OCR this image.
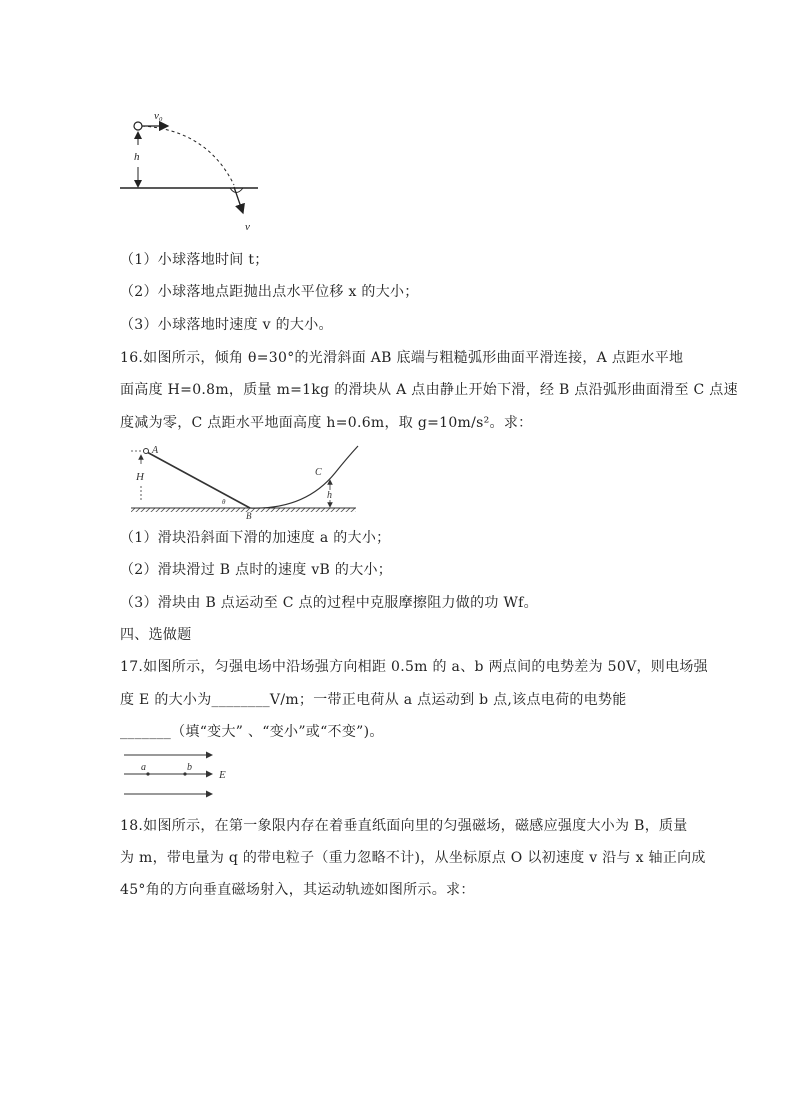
v₀
h
v
（1）小球落地时间 t；
（2）小球落地点距抛出点水平位移 x 的大小；
（3）小球落地时速度 v 的大小。
16.如图所示，倾角 θ=30°的光滑斜面 AB 底端与粗糙弧形曲面平滑连接，A 点距水平地
面高度 H=0.8m，质量 m=1kg 的滑块从 A 点由静止开始下滑，经 B 点沿弧形曲面滑至 C 点速
度减为零，C 点距水平地面高度 h=0.6m，取 g=10m/s²。求：
A
H
θ
B
C
h
（1）滑块沿斜面下滑的加速度 a 的大小；
（2）滑块滑过 B 点时的速度 vB 的大小；
（3）滑块由 B 点运动至 C 点的过程中克服摩擦阻力做的功 Wf。
四、选做题
17.如图所示，匀强电场中沿场强方向相距 0.5m 的 a、b 两点间的电势差为 50V，则电场强
度 E 的大小为________V/m；一带正电荷从 a 点运动到 b 点,该点电荷的电势能
_______（填“变大” 、“变小”或“不变”)。
a	b
E
18.如图所示，在第一象限内存在着垂直纸面向里的匀强磁场，磁感应强度大小为 B，质量
为 m，带电量为 q 的带电粒子（重力忽略不计)，从坐标原点 O 以初速度 v 沿与 x 轴正向成
45°角的方向垂直磁场射入，其运动轨迹如图所示。求：
